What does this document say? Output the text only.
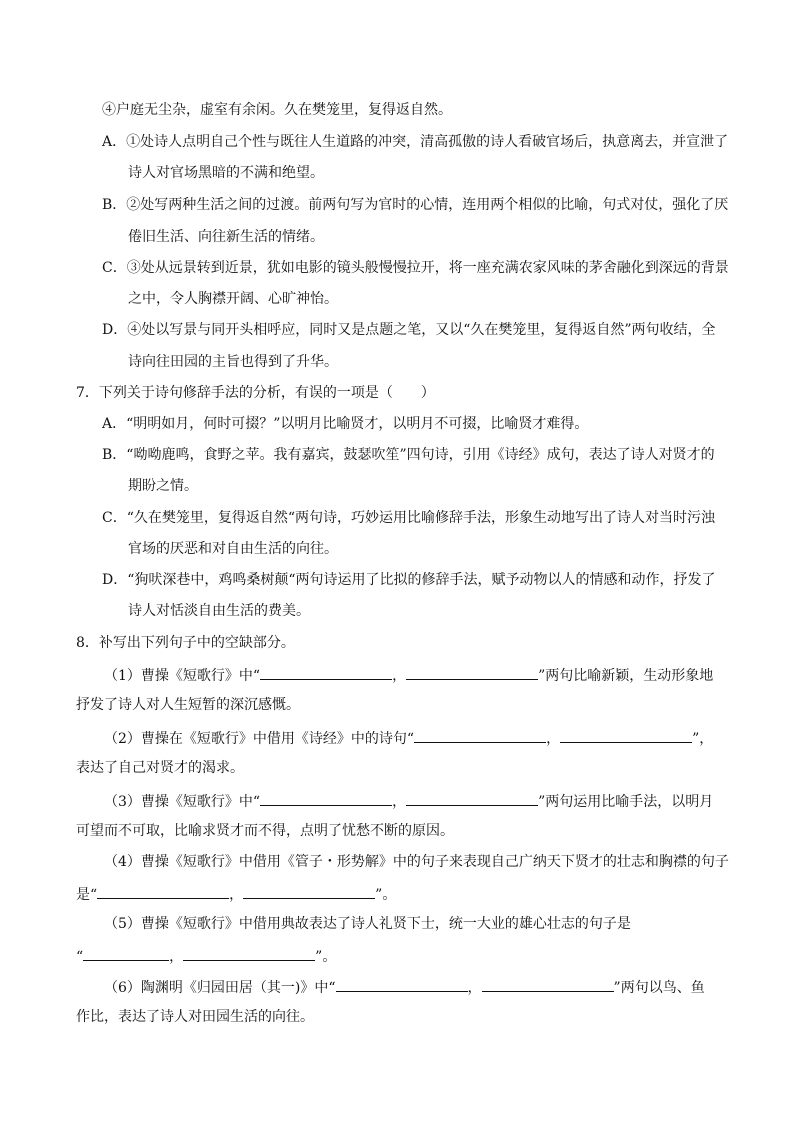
④户庭无尘杂，虚室有余闲。久在樊笼里，复得返自然。
A．①处诗人点明自己个性与既往人生道路的冲突，清高孤傲的诗人看破官场后，执意离去，并宣泄了
诗人对官场黑暗的不满和绝望。
B．②处写两种生活之间的过渡。前两句写为官时的心情，连用两个相似的比喻，句式对仗，强化了厌
倦旧生活、向往新生活的情绪。
C．③处从远景转到近景，犹如电影的镜头般慢慢拉开，将一座充满农家风味的茅舍融化到深远的背景
之中，令人胸襟开阔、心旷神怡。
D．④处以写景与同开头相呼应，同时又是点题之笔，又以“久在樊笼里，复得返自然”两句收结，全
诗向往田园的主旨也得到了升华。
7．下列关于诗句修辞手法的分析，有误的一项是（　　）
A．“明明如月，何时可掇？”以明月比喻贤才，以明月不可掇，比喻贤才难得。
B．“呦呦鹿鸣，食野之苹。我有嘉宾，鼓瑟吹笙”四句诗，引用《诗经》成句，表达了诗人对贤才的
期盼之情。
C．“久在樊笼里，复得返自然“两句诗，巧妙运用比喻修辞手法，形象生动地写出了诗人对当时污浊
官场的厌恶和对自由生活的向往。
D．“狗吠深巷中，鸡鸣桑树颠“两句诗运用了比拟的修辞手法，赋予动物以人的情感和动作，抒发了
诗人对恬淡自由生活的费美。
8．补写出下列句子中的空缺部分。
（1）曹操《短歌行》中“	，	”两句比喻新颖，生动形象地
抒发了诗人对人生短暂的深沉感慨。
（2）曹操在《短歌行》中借用《诗经》中的诗句“	，	”，
表达了自己对贤才的渴求。
（3）曹操《短歌行》中“	，	”两句运用比喻手法，以明月
可望而不可取，比喻求贤才而不得，点明了忧愁不断的原因。
（4）曹操《短歌行》中借用《管子・形势解》中的句子来表现自己广纳天下贤才的壮志和胸襟的句子
是“	，	”。
（5）曹操《短歌行》中借用典故表达了诗人礼贤下士，统一大业的雄心壮志的句子是
“	，	”。
（6）陶渊明《归园田居（其一)》中“	，	”两句以鸟、鱼
作比，表达了诗人对田园生活的向往。
